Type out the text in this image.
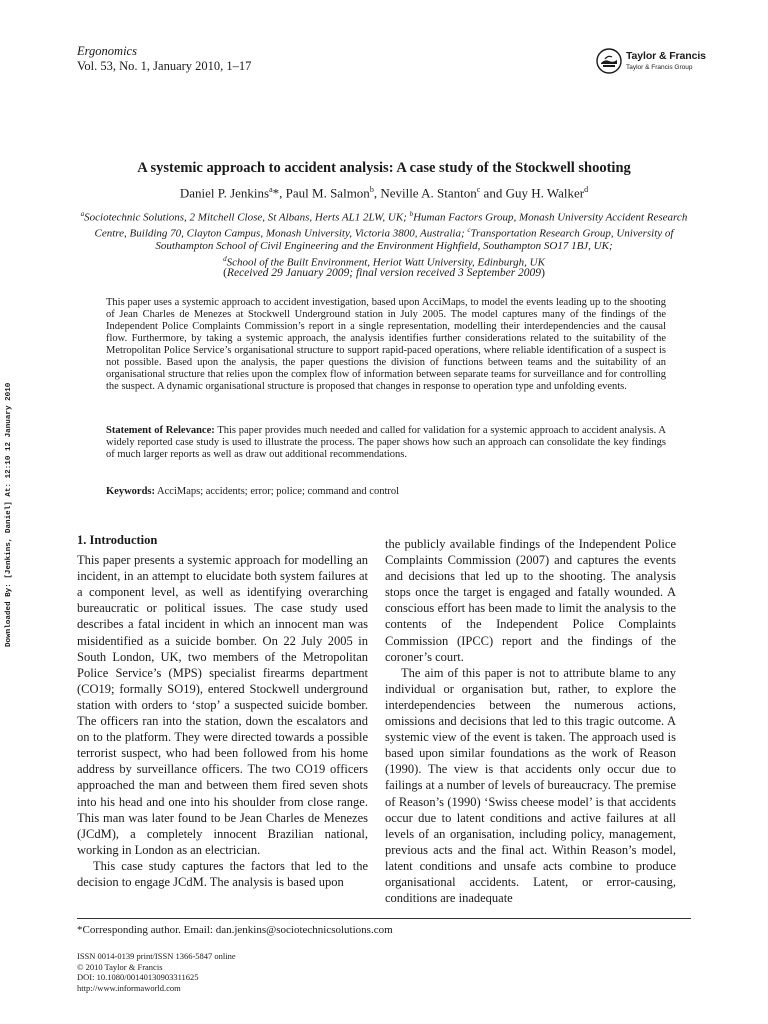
Ergonomics
Vol. 53, No. 1, January 2010, 1–17
Taylor & Francis
Taylor & Francis Group
Downloaded By: [Jenkins, Daniel] At: 12:10 12 January 2010
A systemic approach to accident analysis: A case study of the Stockwell shooting
Daniel P. Jenkins$^a$*, Paul M. Salmon$^b$, Neville A. Stanton$^c$ and Guy H. Walker$^d$
$^a$Sociotechnic Solutions, 2 Mitchell Close, St Albans, Herts AL1 2LW, UK; $^b$Human Factors Group, Monash University Accident Research Centre, Building 70, Clayton Campus, Monash University, Victoria 3800, Australia; $^c$Transportation Research Group, University of Southampton School of Civil Engineering and the Environment Highfield, Southampton SO17 1BJ, UK;
$^d$School of the Built Environment, Heriot Watt University, Edinburgh, UK
(Received 29 January 2009; final version received 3 September 2009)
This paper uses a systemic approach to accident investigation, based upon AcciMaps, to model the events leading up to the shooting of Jean Charles de Menezes at Stockwell Underground station in July 2005. The model captures many of the findings of the Independent Police Complaints Commission’s report in a single representation, modelling their interdependencies and the causal flow. Furthermore, by taking a systemic approach, the analysis identifies further considerations related to the suitability of the Metropolitan Police Service’s organisational structure to support rapid-paced operations, where reliable identification of a suspect is not possible. Based upon the analysis, the paper questions the division of functions between teams and the suitability of an organisational structure that relies upon the complex flow of information between separate teams for surveillance and for controlling the suspect. A dynamic organisational structure is proposed that changes in response to operation type and unfolding events.
Statement of Relevance: This paper provides much needed and called for validation for a systemic approach to accident analysis. A widely reported case study is used to illustrate the process. The paper shows how such an approach can consolidate the key findings of much larger reports as well as draw out additional recommendations.
Keywords: AcciMaps; accidents; error; police; command and control

1. Introduction

This paper presents a systemic approach for modelling an incident, in an attempt to elucidate both system failures at a component level, as well as identifying overarching bureaucratic or political issues. The case study used describes a fatal incident in which an innocent man was misidentified as a suicide bomber. On 22 July 2005 in South London, UK, two members of the Metropolitan Police Service’s (MPS) specialist firearms department (CO19; formally SO19), entered Stockwell underground station with orders to ‘stop’ a suspected suicide bomber. The officers ran into the station, down the escalators and on to the platform. They were directed towards a possible terrorist suspect, who had been followed from his home address by surveillance officers. The two CO19 officers approached the man and between them fired seven shots into his head and one into his shoulder from close range. This man was later found to be Jean Charles de Menezes (JCdM), a completely innocent Brazilian national, working in London as an electrician.

This case study captures the factors that led to the decision to engage JCdM. The analysis is based upon

the publicly available findings of the Independent Police Complaints Commission (2007) and captures the events and decisions that led up to the shooting. The analysis stops once the target is engaged and fatally wounded. A conscious effort has been made to limit the analysis to the contents of the Independent Police Complaints Commission (IPCC) report and the findings of the coroner’s court.

The aim of this paper is not to attribute blame to any individual or organisation but, rather, to explore the interdependencies between the numerous actions, omissions and decisions that led to this tragic outcome. A systemic view of the event is taken. The approach used is based upon similar foundations as the work of Reason (1990). The view is that accidents only occur due to failings at a number of levels of bureaucracy. The premise of Reason’s (1990) ‘Swiss cheese model’ is that accidents occur due to latent conditions and active failures at all levels of an organisation, including policy, management, previous acts and the final act. Within Reason’s model, latent conditions and unsafe acts combine to produce organisational accidents. Latent, or error-causing, conditions are inadequate

*Corresponding author. Email: dan.jenkins@sociotechnicsolutions.com
ISSN 0014-0139 print/ISSN 1366-5847 online
© 2010 Taylor & Francis
DOI: 10.1080/00140130903311625
http://www.informaworld.com
